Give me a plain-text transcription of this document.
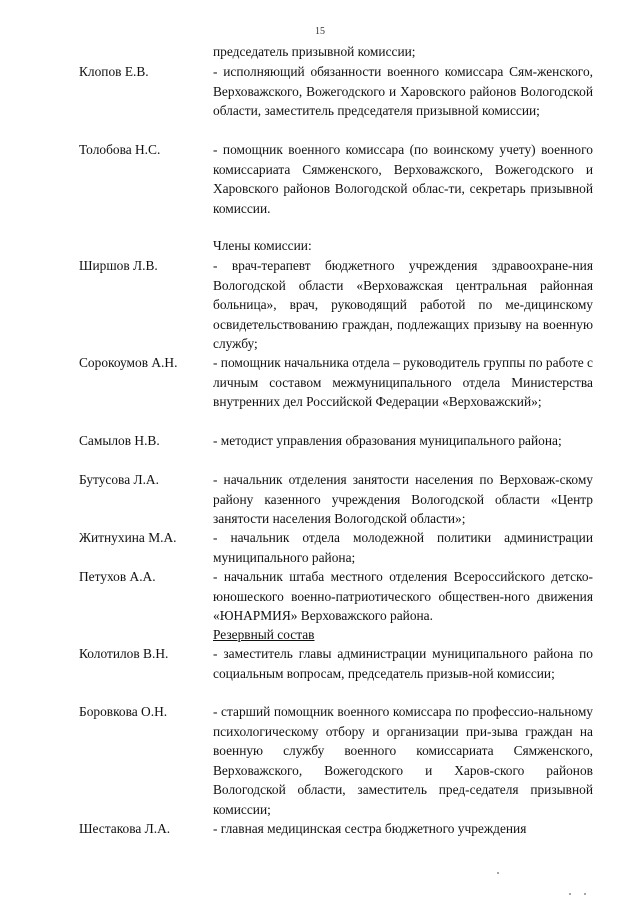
15
председатель призывной комиссии;
Клопов Е.В.	- исполняющий обязанности военного комиссара Сям-женского, Верховажского, Вожегодского и Харовского районов Вологодской области, заместитель председателя призывной комиссии;
Толобова Н.С.	- помощник военного комиссара (по воинскому учету) военного комиссариата Сямженского, Верховажского, Вожегодского и Харовского районов Вологодской облас-ти, секретарь призывной комиссии.
Члены комиссии:
Ширшов Л.В.	- врач-терапевт бюджетного учреждения здравоохране-ния Вологодской области «Верховажская центральная районная больница», врач, руководящий работой по ме-дицинскому освидетельствованию граждан, подлежащих призыву на военную службу;
Сорокоумов А.Н.	- помощник начальника отдела – руководитель группы по работе с личным составом межмуниципального отдела Министерства внутренних дел Российской Федерации «Верховажский»;
Самылов Н.В.	- методист управления образования муниципального района;
Бутусова Л.А.	- начальник отделения занятости населения по Верховаж-скому району казенного учреждения Вологодской области «Центр занятости населения Вологодской области»;
Житнухина М.А.	- начальник отдела молодежной политики администрации муниципального района;
Петухов А.А.	- начальник штаба местного отделения Всероссийского детско-юношеского военно-патриотического обществен-ного движения «ЮНАРМИЯ» Верховажского района.
Резервный состав
Колотилов В.Н.	- заместитель главы администрации муниципального района по социальным вопросам, председатель призыв-ной комиссии;
Боровкова О.Н.	- старший помощник военного комиссара по профессио-нальному психологическому отбору и организации при-зыва граждан на военную службу военного комиссариата Сямженского, Верховажского, Вожегодского и Харов-ского районов Вологодской области, заместитель пред-седателя призывной комиссии;
Шестакова Л.А.	- главная медицинская сестра бюджетного учреждения
